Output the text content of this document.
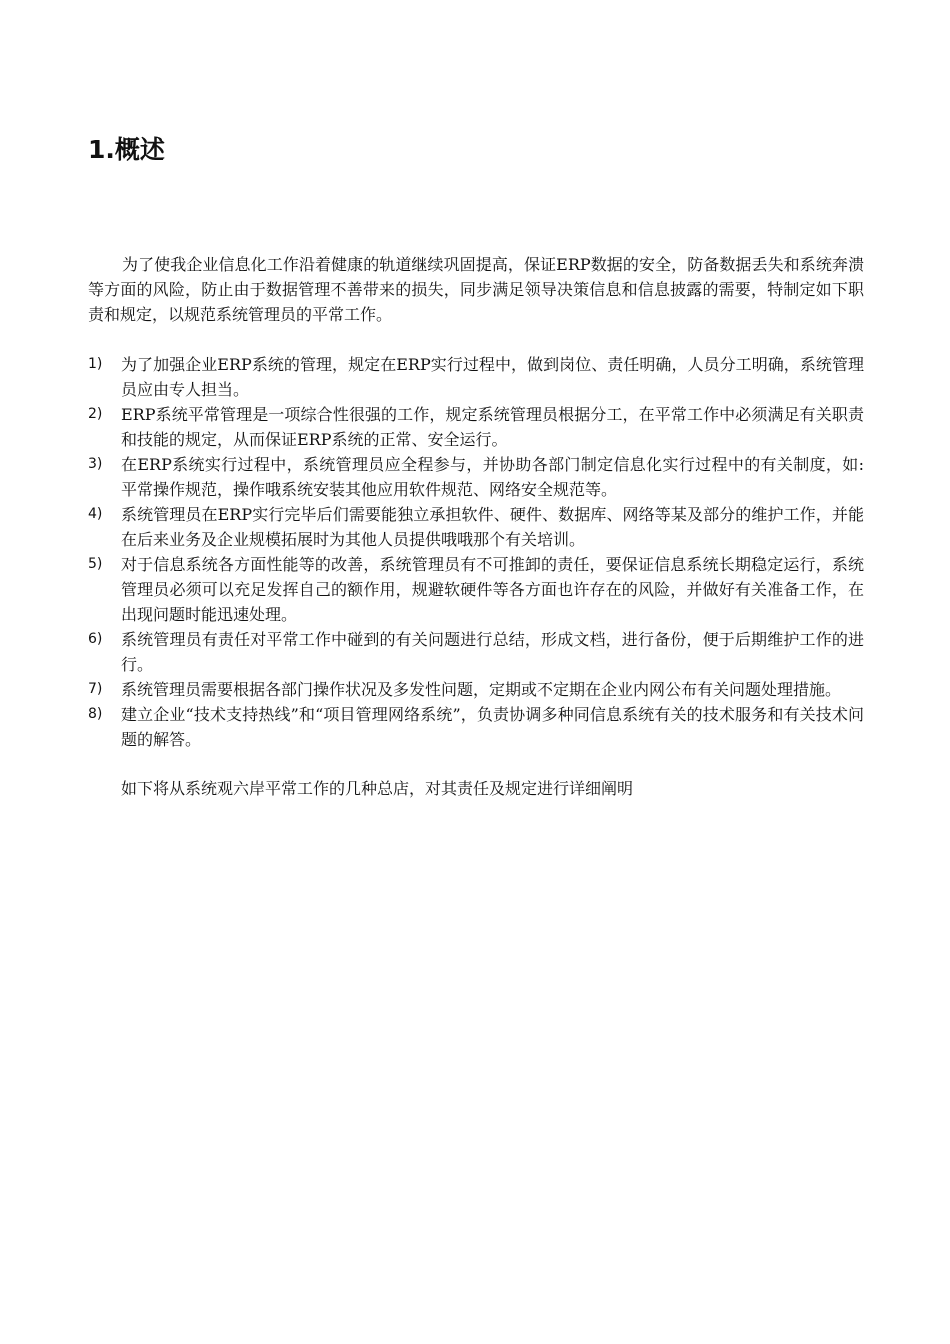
1.概述

为了使我企业信息化工作沿着健康的轨道继续巩固提高，保证ERP数据的安全，防备数据丢失和系统奔溃等方面的风险，防止由于数据管理不善带来的损失，同步满足领导决策信息和信息披露的需要，特制定如下职责和规定，以规范系统管理员的平常工作。

1) 为了加强企业ERP系统的管理，规定在ERP实行过程中，做到岗位、责任明确，人员分工明确，系统管理员应由专人担当。
2) ERP系统平常管理是一项综合性很强的工作，规定系统管理员根据分工，在平常工作中必须满足有关职责和技能的规定，从而保证ERP系统的正常、安全运行。
3) 在ERP系统实行过程中，系统管理员应全程参与，并协助各部门制定信息化实行过程中的有关制度，如:平常操作规范，操作哦系统安装其他应用软件规范、网络安全规范等。
4) 系统管理员在ERP实行完毕后们需要能独立承担软件、硬件、数据库、网络等某及部分的维护工作，并能在后来业务及企业规模拓展时为其他人员提供哦哦那个有关培训。
5) 对于信息系统各方面性能等的改善，系统管理员有不可推卸的责任，要保证信息系统长期稳定运行，系统管理员必须可以充足发挥自己的额作用，规避软硬件等各方面也许存在的风险，并做好有关准备工作，在出现问题时能迅速处理。
6) 系统管理员有责任对平常工作中碰到的有关问题进行总结，形成文档，进行备份，便于后期维护工作的进行。
7) 系统管理员需要根据各部门操作状况及多发性问题，定期或不定期在企业内网公布有关问题处理措施。
8) 建立企业“技术支持热线”和“项目管理网络系统”，负责协调多种同信息系统有关的技术服务和有关技术问题的解答。

如下将从系统观六岸平常工作的几种总店，对其责任及规定进行详细阐明
